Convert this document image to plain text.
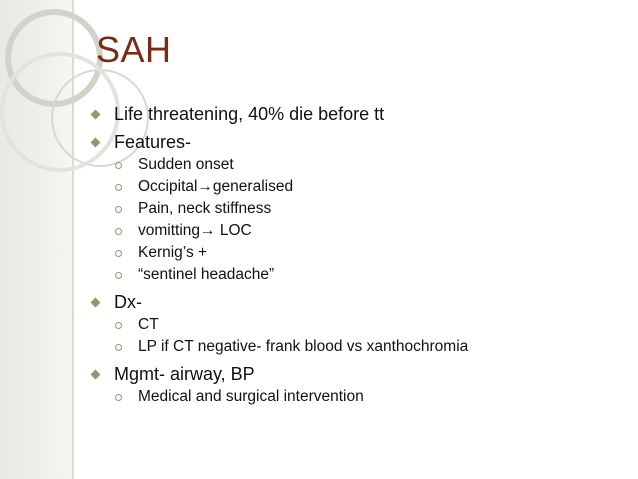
SAH
Life threatening, 40% die before tt
Features-
Sudden onset
Occipital→generalised
Pain, neck stiffness
vomitting→ LOC
Kernig’s +
“sentinel headache”
Dx-
CT
LP if CT negative- frank blood vs xanthochromia
Mgmt- airway, BP
Medical and surgical intervention
